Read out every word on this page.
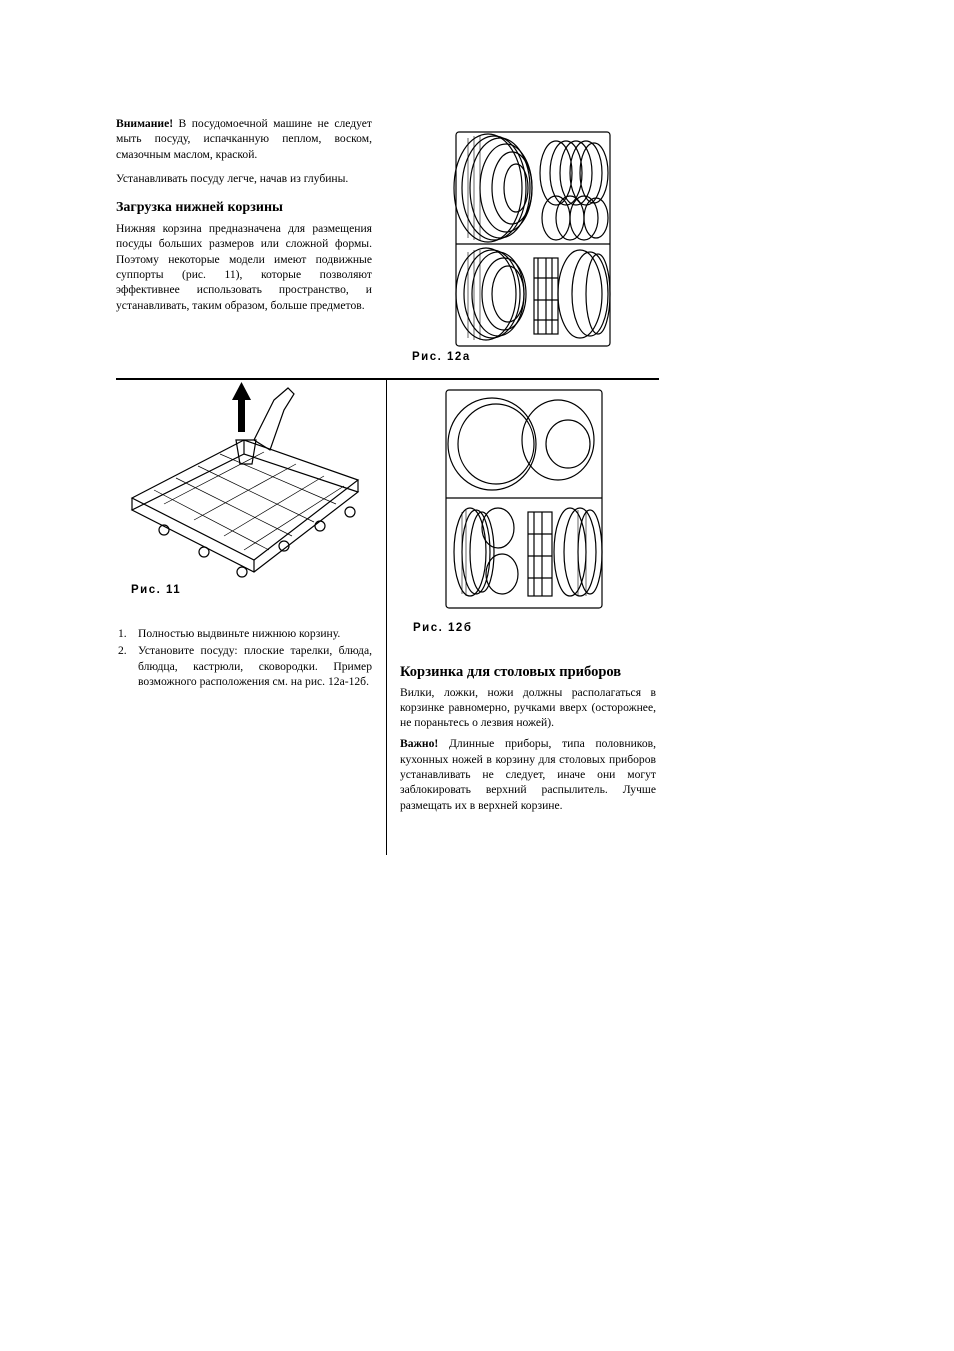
Внимание! В посудомоечной машине не следует мыть посуду, испачканную пеплом, воском, смазочным маслом, краской.

Устанавливать посуду легче, начав из глубины.

Загрузка нижней корзины

Нижняя корзина предназначена для размещения посуды больших размеров или сложной формы. Поэтому некоторые модели имеют подвижные суппорты (рис. 11), которые позволяют эффективнее использовать пространство, и устанавливать, таким образом, больше предметов.

Рис. 12а
Рис. 11
1. Полностью выдвиньте нижнюю корзину.
2. Установите посуду: плоские тарелки, блюда, блюдца, кастрюли, сковородки. Пример возможного расположения см. на рис. 12а-12б.
Рис. 12б

Корзинка для столовых приборов

Вилки, ложки, ножи должны располагаться в корзинке равномерно, ручками вверх (осторожнее, не пораньтесь о лезвия ножей).

Важно! Длинные приборы, типа половников, кухонных ножей в корзину для столовых приборов устанавливать не следует, иначе они могут заблокировать верхний распылитель. Лучше размещать их в верхней корзине.
